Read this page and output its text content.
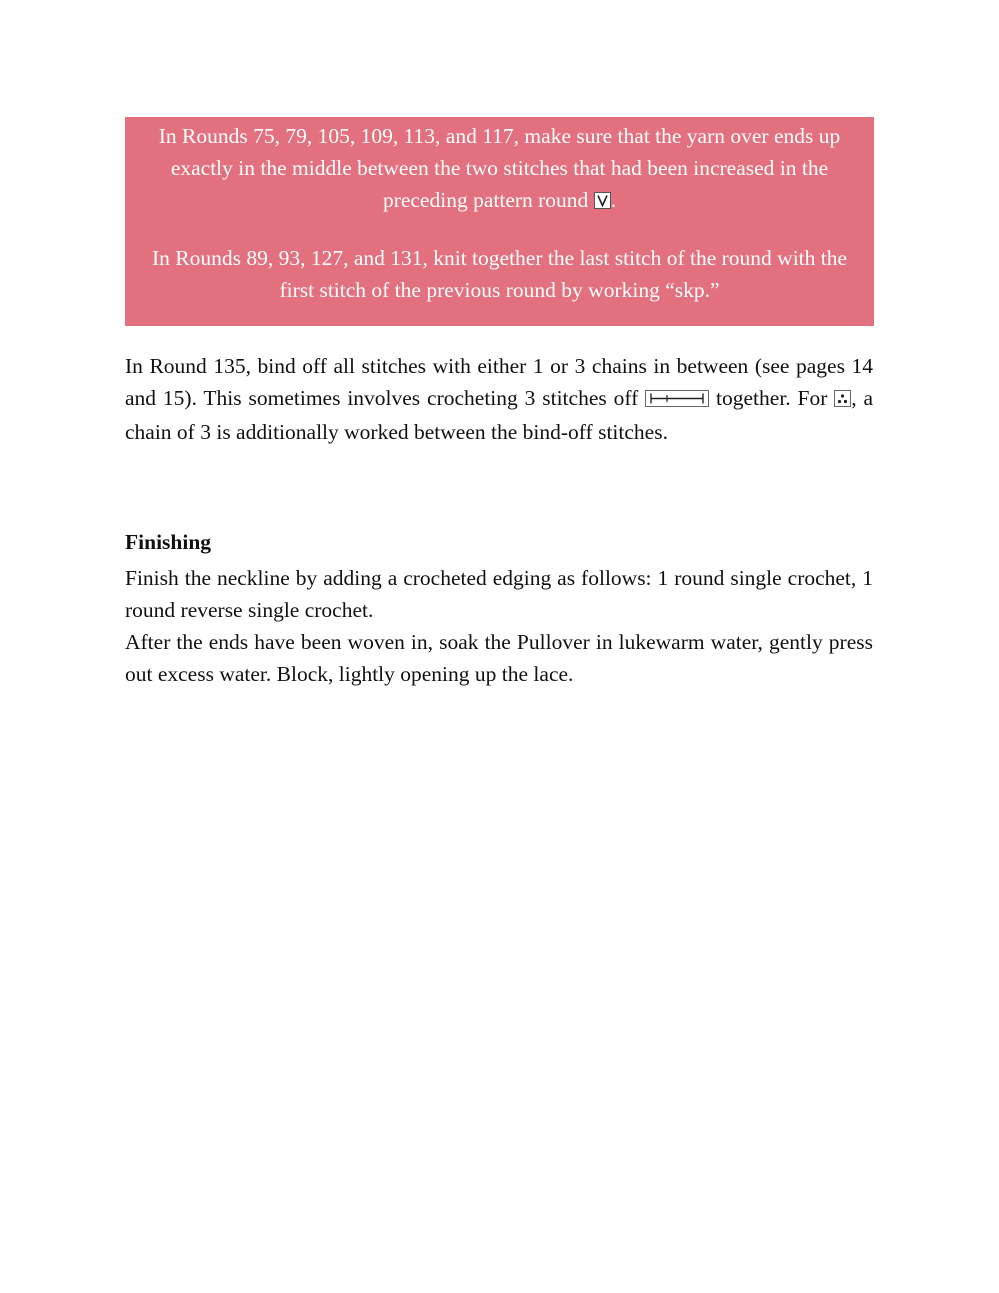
In Rounds 75, 79, 105, 109, 113, and 117, make sure that the yarn over ends up exactly in the middle between the two stitches that had been increased in the preceding pattern round .

In Rounds 89, 93, 127, and 131, knit together the last stitch of the round with the first stitch of the previous round by working “skp.”

In Round 135, bind off all stitches with either 1 or 3 chains in between (see pages 14 and 15). This sometimes involves crocheting 3 stitches off	together. For , a chain of 3 is additionally worked between the bind-off stitches.

Finishing

Finish the neckline by adding a crocheted edging as follows: 1 round single crochet, 1 round reverse single crochet.

After the ends have been woven in, soak the Pullover in lukewarm water, gently press out excess water. Block, lightly opening up the lace.
